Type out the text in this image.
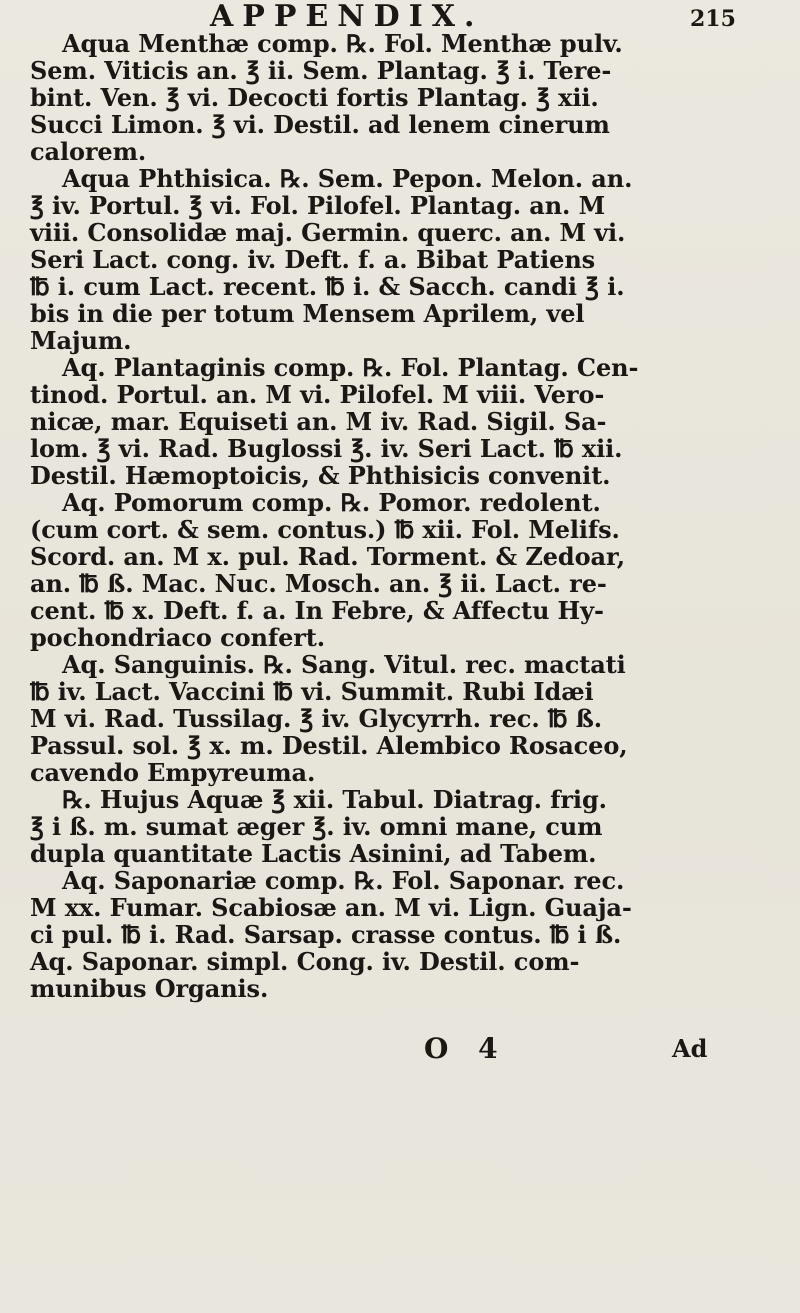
APPENDIX.	215
Aqua Menthæ comp. ℞. Fol. Menthæ pulv.
Sem. Viticis an. ℥ ii. Sem. Plantag. ℥ i. Tere-
bint. Ven. ℥ vi. Decocti fortis Plantag. ℥ xii.
Succi Limon. ℥ vi. Destil. ad lenem cinerum
calorem.
Aqua Phthisica. ℞. Sem. Pepon. Melon. an.
℥ iv. Portul. ℥ vi. Fol. Pilofel. Plantag. an. M
viii. Consolidæ maj. Germin. querc. an. M vi.
Seri Lact. cong. iv. Deft. f. a. Bibat Patiens
℔ i. cum Lact. recent. ℔ i. & Sacch. candi ℥ i.
bis in die per totum Mensem Aprilem, vel
Majum.
Aq. Plantaginis comp. ℞. Fol. Plantag. Cen-
tinod. Portul. an. M vi. Pilofel. M viii. Vero-
nicæ, mar. Equiseti an. M iv. Rad. Sigil. Sa-
lom. ℥ vi. Rad. Buglossi ℥. iv. Seri Lact. ℔ xii.
Destil. Hæmoptoicis, & Phthisicis convenit.
Aq. Pomorum comp. ℞. Pomor. redolent.
(cum cort. & sem. contus.) ℔ xii. Fol. Melifs.
Scord. an. M x. pul. Rad. Torment. & Zedoar,
an. ℔ ß. Mac. Nuc. Mosch. an. ℥ ii. Lact. re-
cent. ℔ x. Deft. f. a. In Febre, & Affectu Hy-
pochondriaco confert.
Aq. Sanguinis. ℞. Sang. Vitul. rec. mactati
℔ iv. Lact. Vaccini ℔ vi. Summit. Rubi Idæi
M vi. Rad. Tussilag. ℥ iv. Glycyrrh. rec. ℔ ß.
Passul. sol. ℥ x. m. Destil. Alembico Rosaceo,
cavendo Empyreuma.
℞. Hujus Aquæ ℥ xii. Tabul. Diatrag. frig.
℥ i ß. m. sumat æger ℥. iv. omni mane, cum
dupla quantitate Lactis Asinini, ad Tabem.
Aq. Saponariæ comp. ℞. Fol. Saponar. rec.
M xx. Fumar. Scabiosæ an. M vi. Lign. Guaja-
ci pul. ℔ i. Rad. Sarsap. crasse contus. ℔ i ß.
Aq. Saponar. simpl. Cong. iv. Destil. com-
munibus Organis.
O 4	Ad
